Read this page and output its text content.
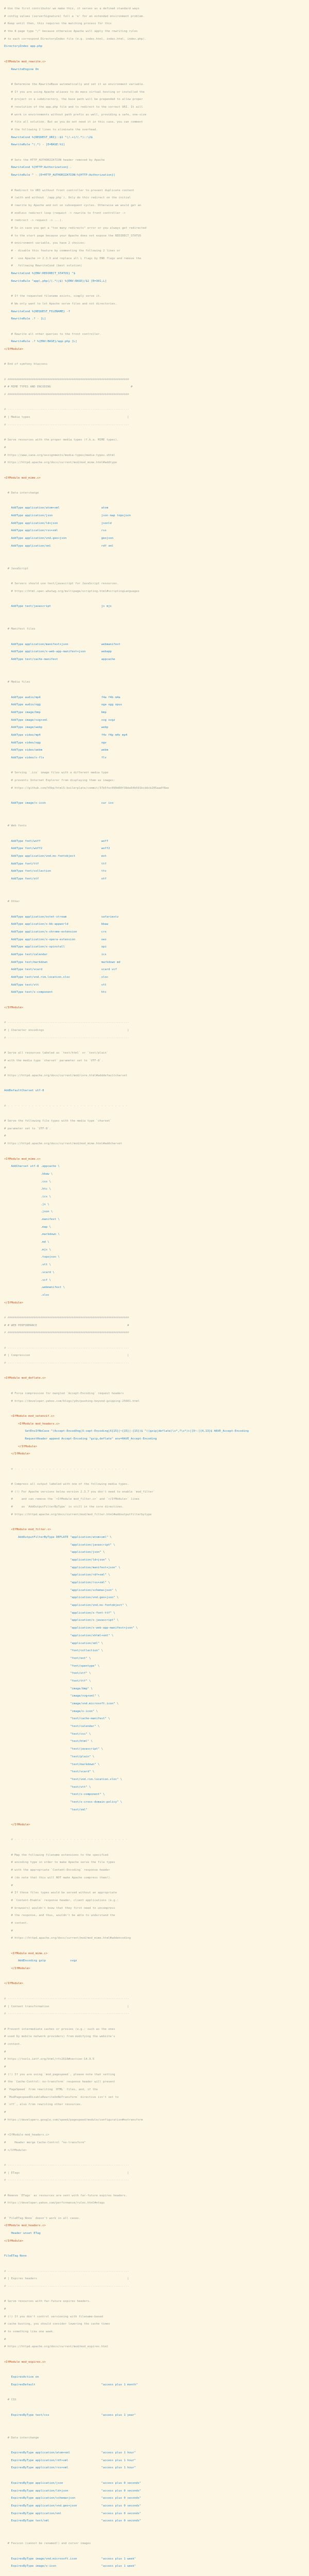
# Use the first contributor we make this, it serves as a defined standard ways
# config values (serverSignature) full a 'e' for an extended environment problem.
# Keep until then, this requires the matching process for this
# the 8 page type "/" because otherwise Apache will apply the rewriting rules
# to each correspond DirectoryIndex file (e.g. index.html, index.html, index.php).
DirectoryIndex app.php
<IfModule mod_rewrite.c>
RewriteEngine On
# Determine the RewriteBase automatically and set it as environment variable.
# If you are using Apache aliases to do mass virtual hosting or installed the
# project in a subdirectory, the base path will be prepended to allow proper
# resolution of the app.php file and to redirect to the correct URI. It will
# work in environments without path prefix as well, providing a safe, one-size
# fits all solution. But as you do not need it in this case, you can comment
# the following 2 lines to eliminate the overhead.
RewriteCond %{REQUEST_URI}::$1 ^(/.+)/(.*)::\2$
RewriteRule ^(.*) - [E=BASE:%1]
# Sets the HTTP_AUTHORIZATION header removed by Apache
RewriteCond %{HTTP:Authorization} .
RewriteRule ^ - [E=HTTP_AUTHORIZATION:%{HTTP:Authorization}]
# Redirect to URI without front controller to prevent duplicate content
# (with and without `/app.php`). Only do this redirect on the initial
# rewrite by Apache and not on subsequent cycles. Otherwise we would get an
# endless redirect loop (request -> rewrite to front controller ->
# redirect -> request -> ...).
# So in case you get a "too many redirects" error or you always get redirected
# to the start page because your Apache does not expose the REDIRECT_STATUS
# environment variable, you have 2 choices:
# - disable this feature by commenting the following 2 lines or
# - use Apache >= 2.3.9 and replace all L flags by END flags and remove the
#   following RewriteCond (best solution)
RewriteCond %{ENV:REDIRECT_STATUS} ^$
RewriteRule ^app\.php(/(.*)|$) %{ENV:BASE}/$2 [R=301,L]
# If the requested filename exists, simply serve it.
# We only want to let Apache serve files and not directories.
RewriteCond %{REQUEST_FILENAME} -f
RewriteRule .? - [L]
# Rewrite all other queries to the front controller.
RewriteRule .? %{ENV:BASE}/app.php [L]
</IfModule>
# End of symfony htaccess
# ######################################################################
# # MIME TYPES AND ENCODING                                              #
# ######################################################################
# ----------------------------------------------------------------------
# | Media types                                                        |
# ----------------------------------------------------------------------
# Serve resources with the proper media types (f.k.a. MIME types).
#
# https://www.iana.org/assignments/media-types/media-types.xhtml
# https://httpd.apache.org/docs/current/mod/mod_mime.html#addtype
<IfModule mod_mime.c>
# Data interchange
AddType application/atom+xml                        atom
AddType application/json                            json map topojson
AddType application/ld+json                         jsonld
AddType application/rss+xml                         rss
AddType application/vnd.geo+json                    geojson
AddType application/xml                             rdf xml
# JavaScript
# Servers should use text/javascript for JavaScript resources.
# https://html.spec.whatwg.org/multipage/scripting.html#scriptingLanguages
AddType text/javascript                             js mjs
# Manifest files
AddType application/manifest+json                   webmanifest
AddType application/x-web-app-manifest+json         webapp
AddType text/cache-manifest                         appcache
# Media files
AddType audio/mp4                                   f4a f4b m4a
AddType audio/ogg                                   oga ogg opus
AddType image/bmp                                   bmp
AddType image/svg+xml                               svg svgz
AddType image/webp                                  webp
AddType video/mp4                                   f4v f4p m4v mp4
AddType video/ogg                                   ogv
AddType video/webm                                  webm
AddType video/x-flv                                 flv
# Serving `.ico` image files with a different media type
# prevents Internet Explorer from displaying them as images:
# https://github.com/h5bp/html5-boilerplate/commit/37b5fec090d00f38de64b591bcddcb205aadf8ee
AddType image/x-icon                                cur ico
# Web fonts
AddType font/woff                                   woff
AddType font/woff2                                  woff2
AddType application/vnd.ms-fontobject               eot
AddType font/ttf                                    ttf
AddType font/collection                             ttc
AddType font/otf                                    otf
# Other
AddType application/octet-stream                    safariextz
AddType application/x-bb-appworld                   bbaw
AddType application/x-chrome-extension              crx
AddType application/x-opera-extension               oex
AddType application/x-xpinstall                     xpi
AddType text/calendar                               ics
AddType text/markdown                               markdown md
AddType text/vcard                                  vcard vcf
AddType text/vnd.rim.location.xloc                  xloc
AddType text/vtt                                    vtt
AddType text/x-component                            htc
</IfModule>
# ----------------------------------------------------------------------
# | Character encodings                                                |
# ----------------------------------------------------------------------
# Serve all resources labeled as `text/html` or `text/plain`
# with the media type `charset` parameter set to `UTF-8`.
#
# https://httpd.apache.org/docs/current/mod/core.html#adddefaultcharset
AddDefaultCharset utf-8
# - - - - - - - - - - - - - - - - - - - - - - - - - - - - - - - - - - -
# Serve the following file types with the media type `charset`
# parameter set to `UTF-8`.
#
# https://httpd.apache.org/docs/current/mod/mod_mime.html#addcharset
<IfModule mod_mime.c>
AddCharset utf-8 .appcache \
.bbaw \
.css \
.htc \
.ics \
.js \
.json \
.manifest \
.map \
.markdown \
.md \
.mjs \
.topojson \
.vtt \
.vcard \
.vcf \
.webmanifest \
.xloc
</IfModule>
# ######################################################################
# # WEB PERFORMANCE                                                    #
# ######################################################################
# ----------------------------------------------------------------------
# | Compression                                                        |
# ----------------------------------------------------------------------
<IfModule mod_deflate.c>
# Force compression for mangled `Accept-Encoding` request headers
# https://developer.yahoo.com/blogs/ydn/pushing-beyond-gzipping-25601.html
<IfModule mod_setenvif.c>
<IfModule mod_headers.c>
SetEnvIfNoCase ^(Accept-EncodXng|X-cept-Encoding|X{15}|~{15}|-{15})$ ^((gzip|deflate)\s*,?\s*)+|[X~-]{4,13}$ HAVE_Accept-Encoding
RequestHeader append Accept-Encoding "gzip,deflate" env=HAVE_Accept-Encoding
</IfModule>
</IfModule>
# - - - - - - - - - - - - - - - - - - - - - - - - - - - - - - - - -
# Compress all output labeled with one of the following media types.
# (!) For Apache versions below version 2.3.7 you don't need to enable `mod_filter`
#     and can remove the `<IfModule mod_filter.c>` and `</IfModule>` lines
#     as `AddOutputFilterByType` is still in the core directives.
# https://httpd.apache.org/docs/current/mod/mod_filter.html#addoutputfilterbytype
<IfModule mod_filter.c>
AddOutputFilterByType DEFLATE "application/atom+xml" \
"application/javascript" \
"application/json" \
"application/ld+json" \
"application/manifest+json" \
"application/rdf+xml" \
"application/rss+xml" \
"application/schema+json" \
"application/vnd.geo+json" \
"application/vnd.ms-fontobject" \
"application/x-font-ttf" \
"application/x-javascript" \
"application/x-web-app-manifest+json" \
"application/xhtml+xml" \
"application/xml" \
"font/collection" \
"font/eot" \
"font/opentype" \
"font/otf" \
"font/ttf" \
"image/bmp" \
"image/svg+xml" \
"image/vnd.microsoft.icon" \
"image/x-icon" \
"text/cache-manifest" \
"text/calendar" \
"text/css" \
"text/html" \
"text/javascript" \
"text/plain" \
"text/markdown" \
"text/vcard" \
"text/vnd.rim.location.xloc" \
"text/vtt" \
"text/x-component" \
"text/x-cross-domain-policy" \
"text/xml"
</IfModule>
# - - - - - - - - - - - - - - - - - - - - - - - - - - - - - - - - -
# Map the following filename extensions to the specified
# encoding type in order to make Apache serve the file types
# with the appropriate `Content-Encoding` response header
# (do note that this will NOT make Apache compress them!).
#
# If these files types would be served without an appropriate
# `Content-Enable` response header, client applications (e.g.:
# browsers) wouldn't know that they first need to uncompress
# the response, and thus, wouldn't be able to understand the
# content.
#
# https://httpd.apache.org/docs/current/mod/mod_mime.html#addencoding
<IfModule mod_mime.c>
AddEncoding gzip              svgz
</IfModule>
</IfModule>
# ----------------------------------------------------------------------
# | Content transformation                                             |
# ----------------------------------------------------------------------
# Prevent intermediate caches or proxies (e.g.: such as the ones
# used by mobile network providers) from modifying the website's
# content.
#
# https://tools.ietf.org/html/rfc2616#section-14.9.5
#
# (!) If you are using `mod_pagespeed`, please note that setting
# the `Cache-Control: no-transform` response header will prevent
# `PageSpeed` from rewriting `HTML` files, and, if the
# `ModPagespeedDisableRewriteOnNoTransform` directive isn't set to
# `off`, also from rewriting other resources.
#
# https://developers.google.com/speed/pagespeed/module/configuration#notransform
# <IfModule mod_headers.c>
#     Header merge Cache-Control "no-transform"
# </IfModule>
# ----------------------------------------------------------------------
# | ETags                                                              |
# ----------------------------------------------------------------------
# Remove `ETags` as resources are sent with far-future expires headers.
# https://developer.yahoo.com/performance/rules.html#etags
# `FileETag None` doesn't work in all cases.
<IfModule mod_headers.c>
Header unset ETag
</IfModule>
FileETag None
# ----------------------------------------------------------------------
# | Expires headers                                                    |
# ----------------------------------------------------------------------
# Serve resources with far-future expires headers.
#
# (!) If you don't control versioning with filename-based
# cache busting, you should consider lowering the cache times
# to something like one week.
#
# https://httpd.apache.org/docs/current/mod/mod_expires.html
<IfModule mod_expires.c>
ExpiresActive on
ExpiresDefault                                      "access plus 1 month"
# CSS
ExpiresByType text/css                              "access plus 1 year"
# Data interchange
ExpiresByType application/atom+xml                  "access plus 1 hour"
ExpiresByType application/rdf+xml                   "access plus 1 hour"
ExpiresByType application/rss+xml                   "access plus 1 hour"
ExpiresByType application/json                      "access plus 0 seconds"
ExpiresByType application/ld+json                   "access plus 0 seconds"
ExpiresByType application/schema+json               "access plus 0 seconds"
ExpiresByType application/vnd.geo+json              "access plus 0 seconds"
ExpiresByType application/xml                       "access plus 0 seconds"
ExpiresByType text/xml                              "access plus 0 seconds"
# Favicon (cannot be renamed!) and cursor images
ExpiresByType image/vnd.microsoft.icon              "access plus 1 week"
ExpiresByType image/x-icon                          "access plus 1 week"
